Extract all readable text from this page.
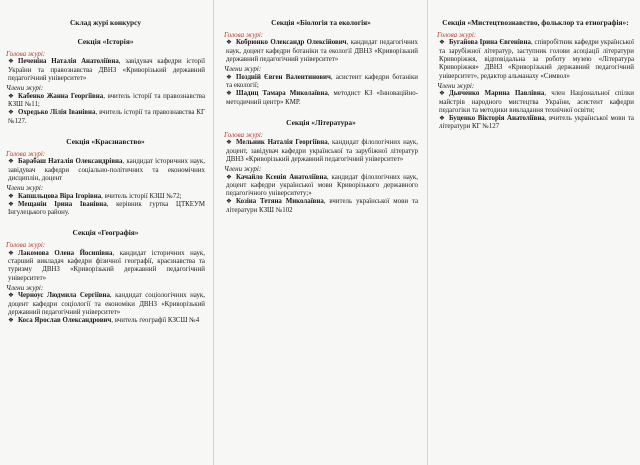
Склад журі конкурсу
Секція «Історія»
Голова журі:
❖ Печеніна Наталія Анатоліївна, завідувач кафедри історії України та правознавства ДВНЗ «Криворізький державний педагогічний університет»
Члени журі:
❖ Кабенко Жанна Георгіївна, вчитель історії та правознавства КЗШ №11;
❖ Охредько Лілія Іванівна, вчитель історії та правознавства КГ №127.
Секція «Краєзнавство»
Голова журі:
❖ Барабаш Наталія Олександрівна, кандидат історичних наук, завідувач кафедри соціально-політичних та економічних дисциплін, доцент
Члени журі:
❖ Капшльцова Віра Ігорівна, вчитель історії КЗШ №72;
❖ Мещанін Ірина Іванівна, керівник гуртка ЦТКЕУМ Інгулецького району.
Секція «Географія»
Голова журі:
❖ Лакомова Олена Йосипівна, кандидат історичних наук, старший викладач кафедри фізичної географії, краєзнавства та туризму ДВНЗ «Криворізький державний педагогічний університет»
Члени журі:
❖ Черноус Людмила Сергіївна, кандидат соціологічних наук, доцент кафедри соціології та економіки ДВНЗ «Криворізький державний педагогічний університет»
❖ Коса Ярослав Олександрович, вчитель географії КЗСШ №4
Секція «Біологія та екологія»
Голова журі:
❖ Кобрюнко Олександр Олексійович, кандидат педагогічних наук, доцент кафедри ботаніки та екології ДВНЗ «Криворізький державний педагогічний університет»
Члени журі:
❖ Поздній Євген Валентинович, асистент кафедри ботаніки та екології;
❖ Шадиц Тамара Миколаївна, методист КЗ «Інноваційно-методичний центр» КМР.
Секція «Література»
Голова журі:
❖ Мельник Наталія Георгіївна, кандидат філологічних наук, доцент, завідувач кафедри української та зарубіжної літератур ДВНЗ «Криворізький державний педагогічний університет»
Члени журі:
❖ Качайло Ксенія Анатоліївна, кандидат філологічних наук, доцент кафедри української мови Криворізького державного педагогічного університету;»
❖ Козіна Тетяна Миколаївна, вчитель української мови та літератури КЗШ №102
Секція «Мистецтвознавство, фольклор та етнографія»:
Голова журі:
❖ Бугайова Ірина Євгенівна, співробітник кафедри української та зарубіжної літератур, заступник голови асоціації літератури Криворіжжя, відповідальна за роботу музею «Література Криворіжжя» ДВНЗ «Криворізький державний педагогічний університет», редактор альманаху «Символ»
Члени журі:
❖ Дьяченко Марина Павлівна, член Національної спілки майстрів народного мистецтва України, асистент кафедри педагогіки та методики викладання технічної освіти;
❖ Буценко Вікторія Анатоліївна, вчитель української мови та літератури КГ №127
